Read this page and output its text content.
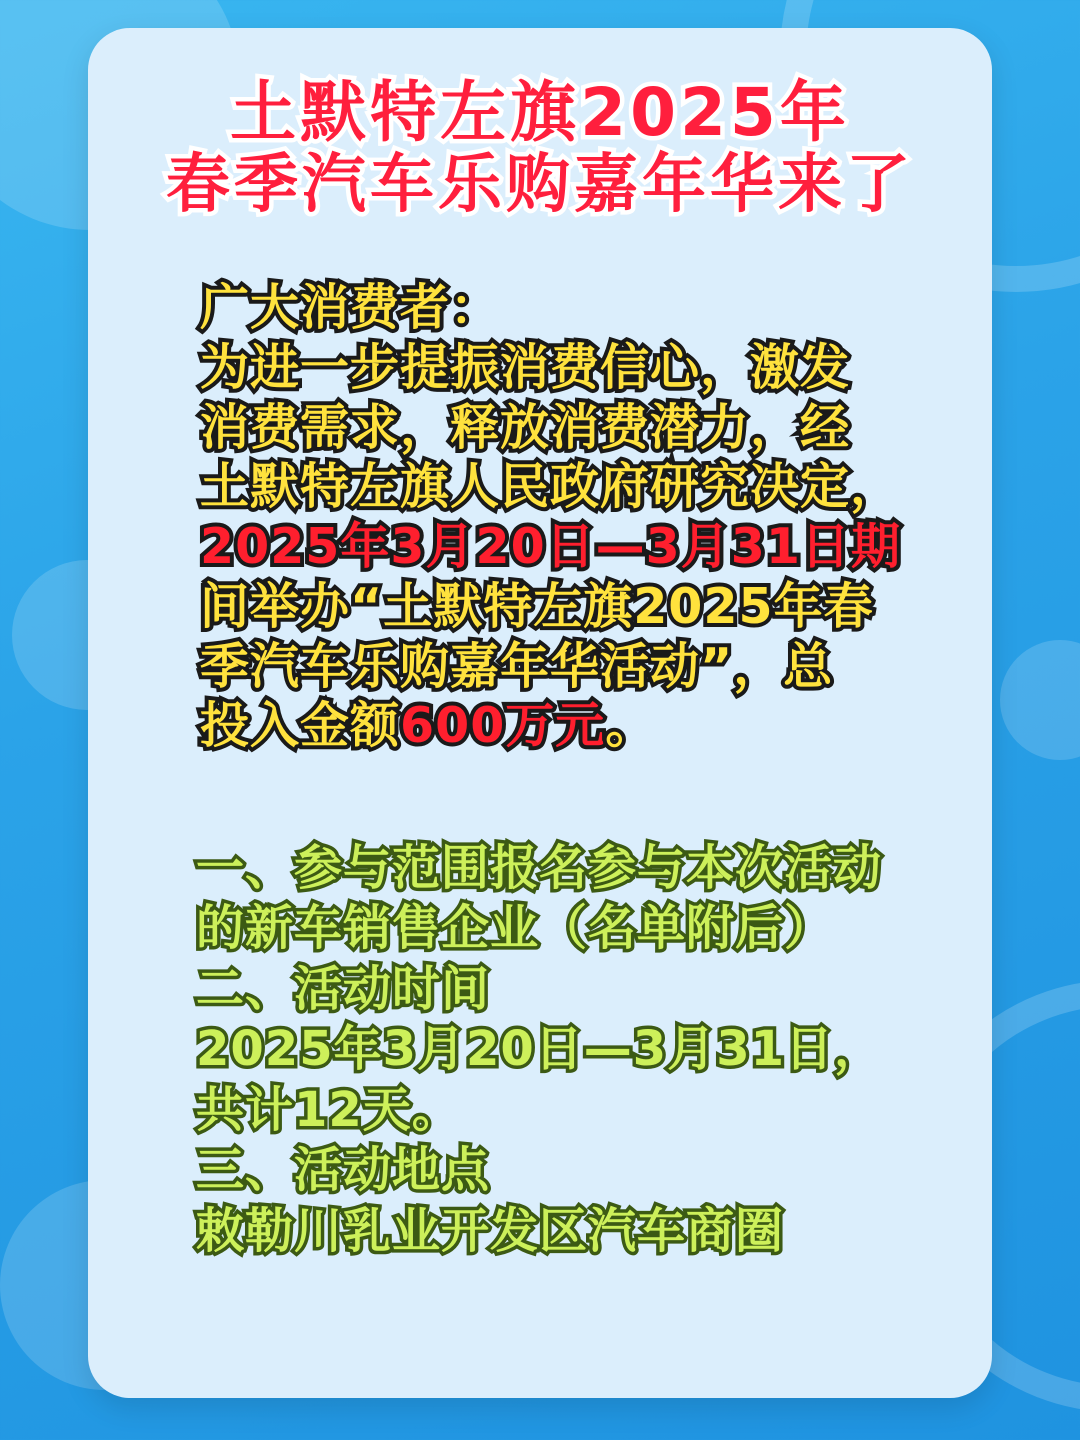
土默特左旗2025年
春季汽车乐购嘉年华来了
广大消费者：
为进一步提振消费信心，激发
消费需求，释放消费潜力，经
土默特左旗人民政府研究决定，
2025年3月20日—3月31日期
间举办“土默特左旗2025年春
季汽车乐购嘉年华活动”，总
投入金额600万元。
一、参与范围报名参与本次活动
的新车销售企业（名单附后）
二、活动时间
2025年3月20日—3月31日，
共计12天。
三、活动地点
敕勒川乳业开发区汽车商圈
